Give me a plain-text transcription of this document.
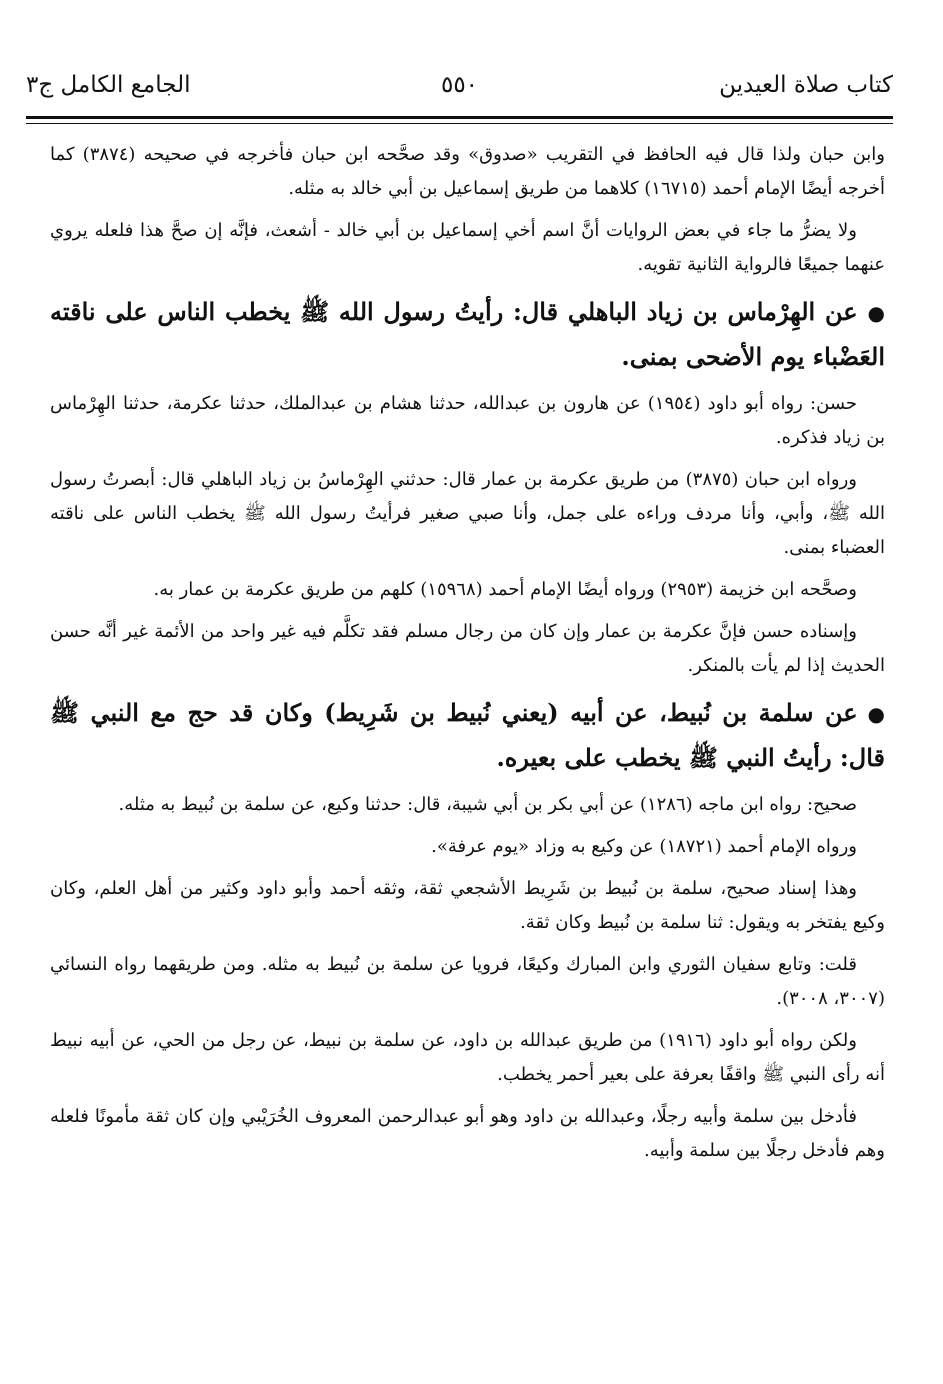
كتاب صلاة العيدين
٥٥٠
الجامع الكامل ج٣

وابن حبان ولذا قال فيه الحافظ في التقريب «صدوق» وقد صحَّحه ابن حبان فأخرجه في صحيحه (٣٨٧٤) كما أخرجه أيضًا الإمام أحمد (١٦٧١٥) كلاهما من طريق إسماعيل بن أبي خالد به مثله.

ولا يضرُّ ما جاء في بعض الروايات أنَّ اسم أخي إسماعيل بن أبي خالد - أشعث، فإنَّه إن صحَّ هذا فلعله يروي عنهما جميعًا فالرواية الثانية تقويه.

●عن الهِرْماس بن زياد الباهلي قال: رأيتُ رسول الله ﷺ يخطب الناس على ناقته العَضْباء يوم الأضحى بمنى.

حسن: رواه أبو داود (١٩٥٤) عن هارون بن عبدالله، حدثنا هشام بن عبدالملك، حدثنا عكرمة، حدثنا الهِرْماس بن زياد فذكره.

ورواه ابن حبان (٣٨٧٥) من طريق عكرمة بن عمار قال: حدثني الهِرْماسُ بن زياد الباهلي قال: أبصرتُ رسول الله ﷺ، وأبي، وأنا مردف وراءه على جمل، وأنا صبي صغير فرأيتُ رسول الله ﷺ يخطب الناس على ناقته العضباء بمنى.

وصحَّحه ابن خزيمة (٢٩٥٣) ورواه أيضًا الإمام أحمد (١٥٩٦٨) كلهم من طريق عكرمة بن عمار به.

وإسناده حسن فإنَّ عكرمة بن عمار وإن كان من رجال مسلم فقد تكلَّم فيه غير واحد من الأئمة غير أنَّه حسن الحديث إذا لم يأت بالمنكر.

●عن سلمة بن نُبيط، عن أبيه (يعني نُبيط بن شَرِيط) وكان قد حج مع النبي ﷺ قال: رأيتُ النبي ﷺ يخطب على بعيره.

صحيح: رواه ابن ماجه (١٢٨٦) عن أبي بكر بن أبي شيبة، قال: حدثنا وكيع، عن سلمة بن نُبيط به مثله.

ورواه الإمام أحمد (١٨٧٢١) عن وكيع به وزاد «يوم عرفة».

وهذا إسناد صحيح، سلمة بن نُبيط بن شَرِيط الأشجعي ثقة، وثقه أحمد وأبو داود وكثير من أهل العلم، وكان وكيع يفتخر به ويقول: ثنا سلمة بن نُبيط وكان ثقة.

قلت: وتابع سفيان الثوري وابن المبارك وكيعًا، فرويا عن سلمة بن نُبيط به مثله. ومن طريقهما رواه النسائي (٣٠٠٧، ٣٠٠٨).

ولكن رواه أبو داود (١٩١٦) من طريق عبدالله بن داود، عن سلمة بن نبيط، عن رجل من الحي، عن أبيه نبيط أنه رأى النبي ﷺ واقفًا بعرفة على بعير أحمر يخطب.

فأدخل بين سلمة وأبيه رجلًا، وعبدالله بن داود وهو أبو عبدالرحمن المعروف الخُرَيْبي وإن كان ثقة مأمونًا فلعله وهم فأدخل رجلًا بين سلمة وأبيه.
